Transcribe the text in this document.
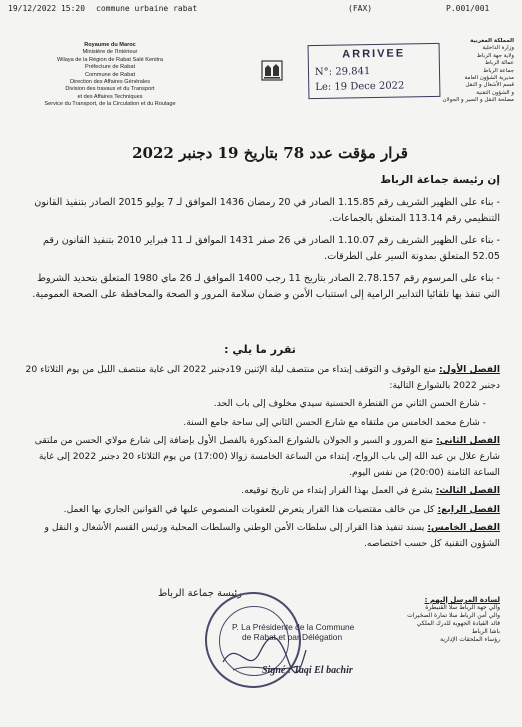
19/12/2022 15:20 commune urbaine rabat	(FAX)	P.001/001
Royaume du Maroc
Ministère de l'Intérieur
Wilaya de la Région de Rabat Salé Kenitra
Préfecture de Rabat
Commune de Rabat
Direction des Affaires Générales
Division des travaux et du Transport
et des Affaires Techniques
Service du Transport, de la Circulation et du Roulage
ARRIVEE
N°: 29.841
Le: 19 Dece 2022
المملكة المغربية
وزارة الداخلية
ولاية جهة الرباط
عمالة الرباط
جماعة الرباط
مديرية الشؤون العامة
قسم الأشغال و النقل
و الشؤون التقنية
مصلحة النقل و السير و الجولان
قرار مؤقت عدد 78 بتاريخ 19 دجنبر 2022
إن رئيسة جماعة الرباط

- بناء على الظهير الشريف رقم 1.15.85 الصادر في 20 رمضان 1436 الموافق لـ 7 يوليو 2015 الصادر بتنفيذ القانون التنظيمي رقم 113.14 المتعلق بالجماعات.

- بناء على الظهير الشريف رقم 1.10.07 الصادر في 26 صفر 1431 الموافق لـ 11 فبراير 2010 بتنفيذ القانون رقم 52.05 المتعلق بمدونة السير على الطرقات.

- بناء على المرسوم رقم 2.78.157 الصادر بتاريخ 11 رجب 1400 الموافق لـ 26 ماي 1980 المتعلق بتحديد الشروط التي تنفذ بها تلقائيا التدابير الرامية إلى استتباب الأمن و ضمان سلامة المرور و الصحة والمحافظة على الصحة العمومية.

تقرر ما يلي :

الفصل الأول: منع الوقوف و التوقف إبتداء من منتصف ليلة الإثنين 19دجنبر 2022 الى غاية منتصف الليل من يوم الثلاثاء 20 دجنبر 2022 بالشوارع التالية:

- شارع الحسن الثاني من القنطرة الحسنية سيدي مخلوف إلى باب الحد.

- شارع محمد الخامس من ملتقاه مع شارع الحسن الثاني إلى ساحة جامع السنة.

الفصل الثاني: منع المرور و السير و الجولان بالشوارع المذكورة بالفصل الأول بإضافة إلى شارع مولاي الحسن من ملتقى شارع علال بن عبد الله إلى باب الرواح، إبتداء من الساعة الخامسة زوالا (17:00) من يوم الثلاثاء 20 دجنبر 2022 إلى غاية الساعة الثامنة (20:00) من نفس اليوم.

الفصل الثالث: يشرع في العمل بهذا القرار إبتداء من تاريخ توقيعه.

الفصل الرابع: كل من خالف مقتضيات هذا القرار يتعرض للعقوبات المنصوص عليها في القوانين الجاري بها العمل.

الفصل الخامس: يسند تنفيذ هذا القرار إلى سلطات الأمن الوطني والسلطات المحلية ورئيس القسم الأشغال و النقل و الشؤون التقنية كل حسب اختصاصه.

رئيسة جماعة الرباط
لسادة المرسل إليهم :
والي جهة الرباط سلا القنيطرة
والي أمن الرباط سلا تمارة الصخيرات
قائد القيادة الجهوية للدرك الملكي
باشا الرباط
رؤساء الملحقات الإدارية
P. La Présidente de la Commune
de Rabat et par Délégation
Signé : Taqi El bachir
